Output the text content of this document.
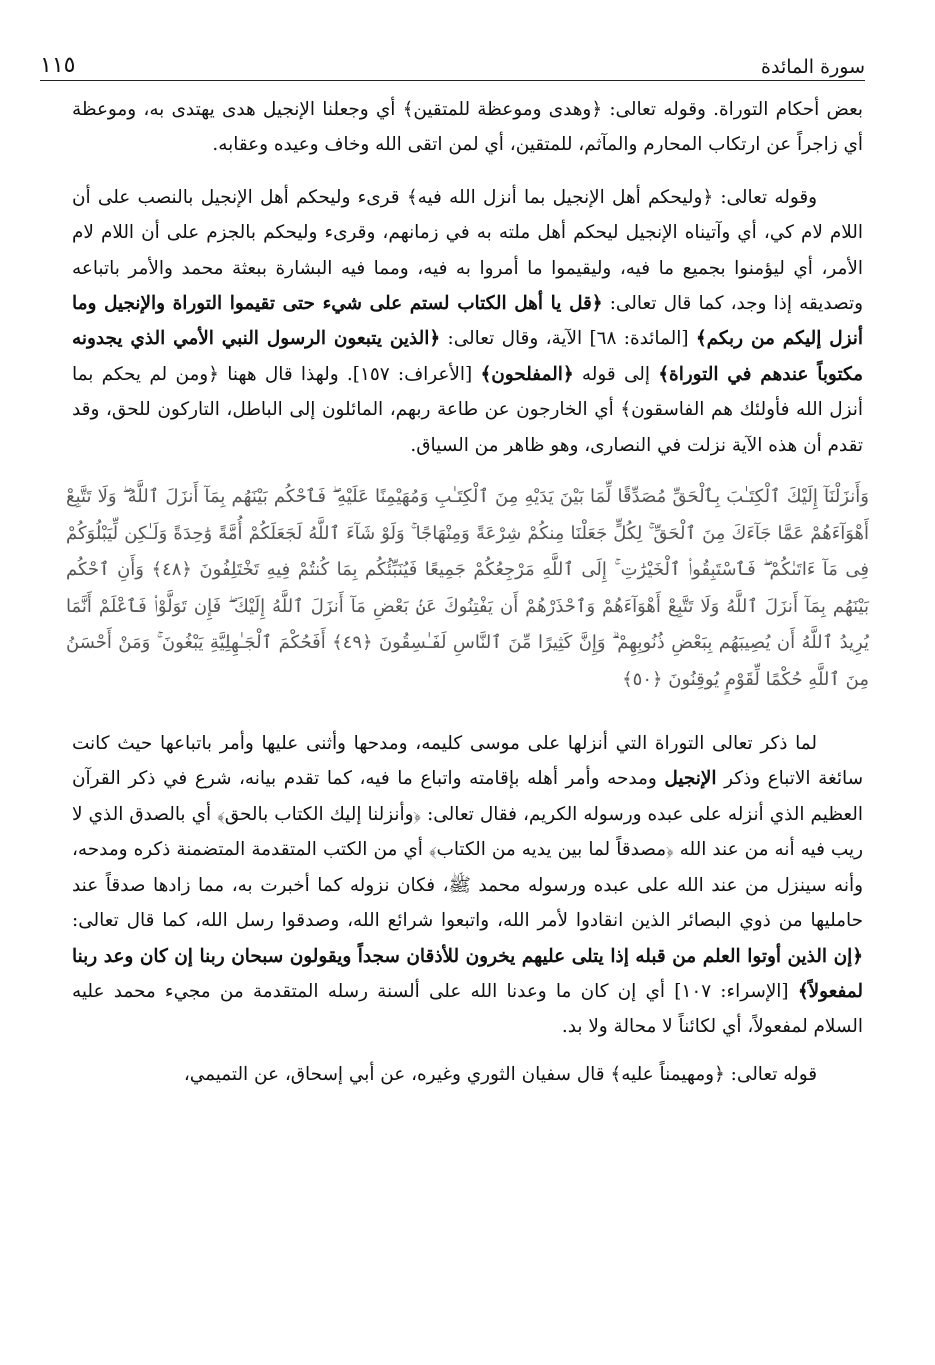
سورة المائدة
١١٥

بعض أحكام التوراة. وقوله تعالى: ﴿وهدى وموعظة للمتقين﴾ أي وجعلنا الإنجيل هدى يهتدى به، وموعظة أي زاجراً عن ارتكاب المحارم والمآثم، للمتقين، أي لمن اتقى الله وخاف وعيده وعقابه.

وقوله تعالى: ﴿وليحكم أهل الإنجيل بما أنزل الله فيه﴾ قرىء وليحكم أهل الإنجيل بالنصب على أن اللام لام كي، أي وآتيناه الإنجيل ليحكم أهل ملته به في زمانهم، وقرىء وليحكم بالجزم على أن اللام لام الأمر، أي ليؤمنوا بجميع ما فيه، وليقيموا ما أمروا به فيه، ومما فيه البشارة ببعثة محمد والأمر باتباعه وتصديقه إذا وجد، كما قال تعالى: ﴿قل يا أهل الكتاب لستم على شيء حتى تقيموا التوراة والإنجيل وما أنزل إليكم من ربكم﴾ [المائدة: ٦٨] الآية، وقال تعالى: ﴿الذين يتبعون الرسول النبي الأمي الذي يجدونه مكتوباً عندهم في التوراة﴾ إلى قوله ﴿المفلحون﴾ [الأعراف: ١٥٧]. ولهذا قال ههنا ﴿ومن لم يحكم بما أنزل الله فأولئك هم الفاسقون﴾ أي الخارجون عن طاعة ربهم، المائلون إلى الباطل، التاركون للحق، وقد تقدم أن هذه الآية نزلت في النصارى، وهو ظاهر من السياق.

وَأَنزَلْنَآ إِلَيْكَ ٱلْكِتَـٰبَ بِٱلْحَقِّ مُصَدِّقًا لِّمَا بَيْنَ يَدَيْهِ مِنَ ٱلْكِتَـٰبِ وَمُهَيْمِنًا عَلَيْهِ ۖ فَٱحْكُم بَيْنَهُم بِمَآ أَنزَلَ ٱللَّهُ ۖ وَلَا تَتَّبِعْ أَهْوَآءَهُمْ عَمَّا جَآءَكَ مِنَ ٱلْحَقِّ ۚ لِكُلٍّ جَعَلْنَا مِنكُمْ شِرْعَةً وَمِنْهَاجًا ۚ وَلَوْ شَآءَ ٱللَّهُ لَجَعَلَكُمْ أُمَّةً وَٰحِدَةً وَلَـٰكِن لِّيَبْلُوَكُمْ فِى مَآ ءَاتَىٰكُمْ ۖ فَٱسْتَبِقُوا۟ ٱلْخَيْرَٰتِ ۚ إِلَى ٱللَّهِ مَرْجِعُكُمْ جَمِيعًا فَيُنَبِّئُكُم بِمَا كُنتُمْ فِيهِ تَخْتَلِفُونَ ﴿٤٨﴾ وَأَنِ ٱحْكُم بَيْنَهُم بِمَآ أَنزَلَ ٱللَّهُ وَلَا تَتَّبِعْ أَهْوَآءَهُمْ وَٱحْذَرْهُمْ أَن يَفْتِنُوكَ عَنۢ بَعْضِ مَآ أَنزَلَ ٱللَّهُ إِلَيْكَ ۖ فَإِن تَوَلَّوْا۟ فَٱعْلَمْ أَنَّمَا يُرِيدُ ٱللَّهُ أَن يُصِيبَهُم بِبَعْضِ ذُنُوبِهِمْ ۗ وَإِنَّ كَثِيرًا مِّنَ ٱلنَّاسِ لَفَـٰسِقُونَ ﴿٤٩﴾ أَفَحُكْمَ ٱلْجَـٰهِلِيَّةِ يَبْغُونَ ۚ وَمَنْ أَحْسَنُ مِنَ ٱللَّهِ حُكْمًا لِّقَوْمٍ يُوقِنُونَ ﴿٥٠﴾

لما ذكر تعالى التوراة التي أنزلها على موسى كليمه، ومدحها وأثنى عليها وأمر باتباعها حيث كانت سائغة الاتباع وذكر الإنجيل ومدحه وأمر أهله بإقامته واتباع ما فيه، كما تقدم بيانه، شرع في ذكر القرآن العظيم الذي أنزله على عبده ورسوله الكريم، فقال تعالى: ﴿وأنزلنا إليك الكتاب بالحق﴾ أي بالصدق الذي لا ريب فيه أنه من عند الله ﴿مصدقاً لما بين يديه من الكتاب﴾ أي من الكتب المتقدمة المتضمنة ذكره ومدحه، وأنه سينزل من عند الله على عبده ورسوله محمد ﷺ، فكان نزوله كما أخبرت به، مما زادها صدقاً عند حامليها من ذوي البصائر الذين انقادوا لأمر الله، واتبعوا شرائع الله، وصدقوا رسل الله، كما قال تعالى: ﴿إن الذين أوتوا العلم من قبله إذا يتلى عليهم يخرون للأذقان سجداً ويقولون سبحان ربنا إن كان وعد ربنا لمفعولاً﴾ [الإسراء: ١٠٧] أي إن كان ما وعدنا الله على ألسنة رسله المتقدمة من مجيء محمد عليه السلام لمفعولاً، أي لكائناً لا محالة ولا بد.

قوله تعالى: ﴿ومهيمناً عليه﴾ قال سفيان الثوري وغيره، عن أبي إسحاق، عن التميمي،
